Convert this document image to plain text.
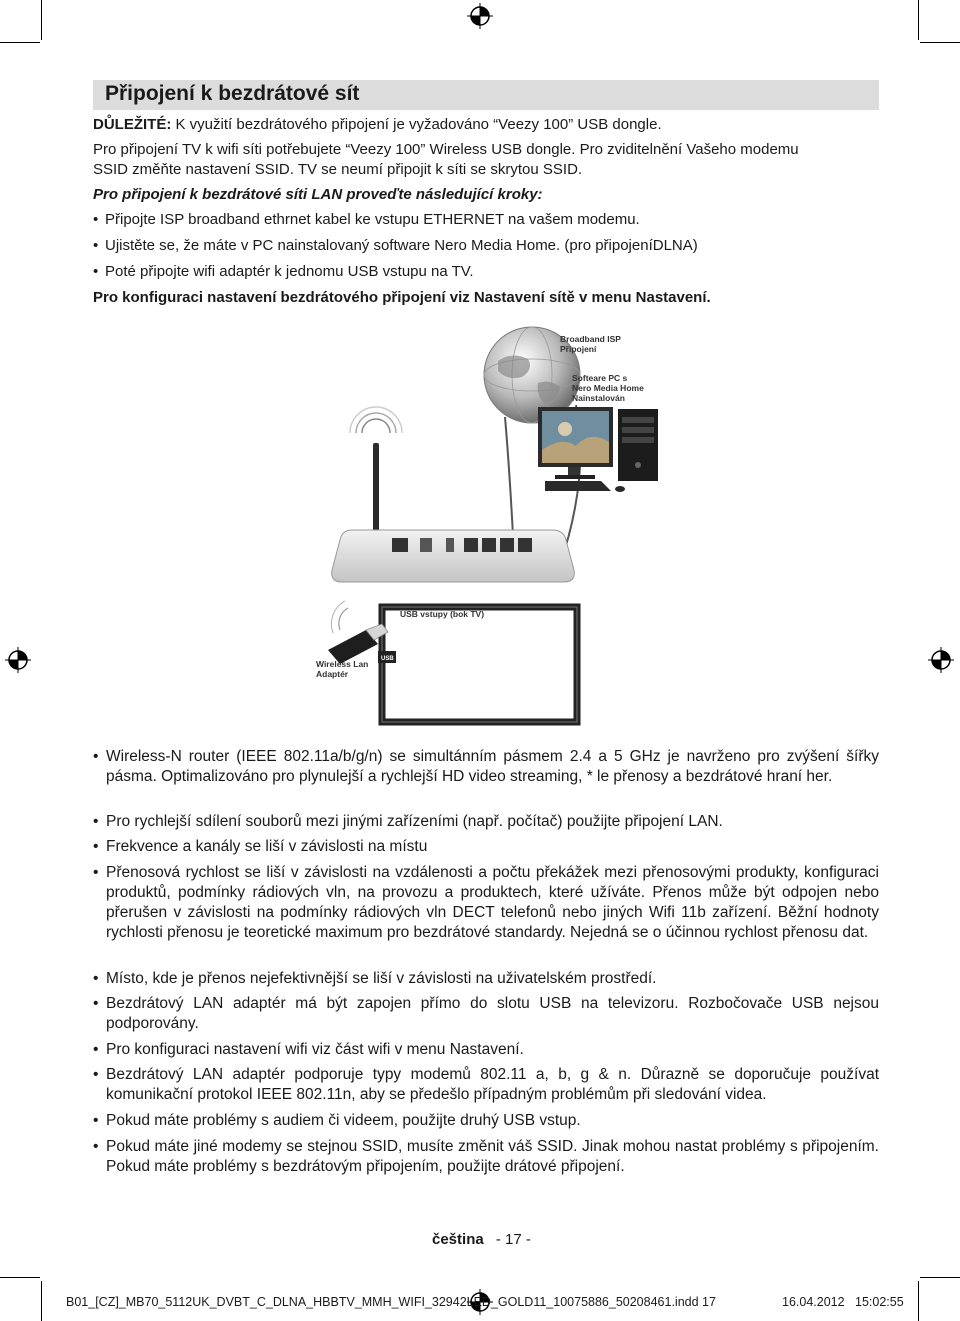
Připojení k bezdrátové sít
DŮLEŽITÉ: K využití bezdrátového připojení je vyžadováno “Veezy 100” USB dongle.
Pro připojení TV k wifi síti potřebujete “Veezy 100” Wireless USB dongle. Pro zviditelnění Vašeho modemu
SSID změňte nastavení SSID. TV se neumí připojit k síti se skrytou SSID.
Pro připojení k bezdrátové síti LAN proveďte následující kroky:
• Připojte ISP broadband ethrnet kabel ke vstupu ETHERNET na vašem modemu.
• Ujistěte se, že máte v PC nainstalovaný software Nero Media Home. (pro připojeníDLNA)
• Poté připojte wifi adaptér k jednomu USB vstupu na TV.
Pro konfiguraci nastavení bezdrátového připojení viz Nastavení sítě v menu Nastavení.
USB
Broadband ISP
Připojení
Softeare PC s
Nero Media Home
Nainstalován
USB vstupy (bok TV)
Wireless Lan
Adaptér
• Wireless-N router (IEEE 802.11a/b/g/n) se simultánním pásmem 2.4 a 5 GHz je navrženo pro zvýšení šířky pásma. Optimalizováno pro plynulejší a rychlejší HD video streaming, * le přenosy a bezdrátové hraní her.
• Pro rychlejší sdílení souborů mezi jinými zařízeními (např. počítač) použijte připojení LAN.
• Frekvence a kanály se liší v závislosti na místu
• Přenosová rychlost se liší v závislosti na vzdálenosti a počtu překážek mezi přenosovými produkty, konfiguraci produktů, podmínky rádiových vln, na provozu a produktech, které užíváte. Přenos může být odpojen nebo přerušen v závislosti na podmínky rádiových vln DECT telefonů nebo jiných Wifi 11b zařízení. Běžní hodnoty rychlosti přenosu je teoretické maximum pro bezdrátové standardy. Nejedná se o účinnou rychlost přenosu dat.
• Místo, kde je přenos nejefektivnější se liší v závislosti na uživatelském prostředí.
• Bezdrátový LAN adaptér má být zapojen přímo do slotu USB na televizoru. Rozbočovače USB nejsou podporovány.
• Pro konfiguraci nastavení wifi viz část wifi v menu Nastavení.
• Bezdrátový LAN adaptér podporuje typy modemů 802.11 a, b, g & n. Důrazně se doporučuje používat komunikační protokol IEEE 802.11n, aby se předešlo případným problémům při sledování videa.
• Pokud máte problémy s audiem či videem, použijte druhý USB vstup.
• Pokud máte jiné modemy se stejnou SSID, musíte změnit váš SSID. Jinak mohou nastat problémy s připojením. Pokud máte problémy s bezdrátovým připojením, použijte drátové připojení.
čeština - 17 -
B01_[CZ]_MB70_5112UK_DVBT_C_DLNA_HBBTV_MMH_WIFI_32942LED_GOLD11_10075886_50208461.indd 17	16.04.2012 15:02:55
